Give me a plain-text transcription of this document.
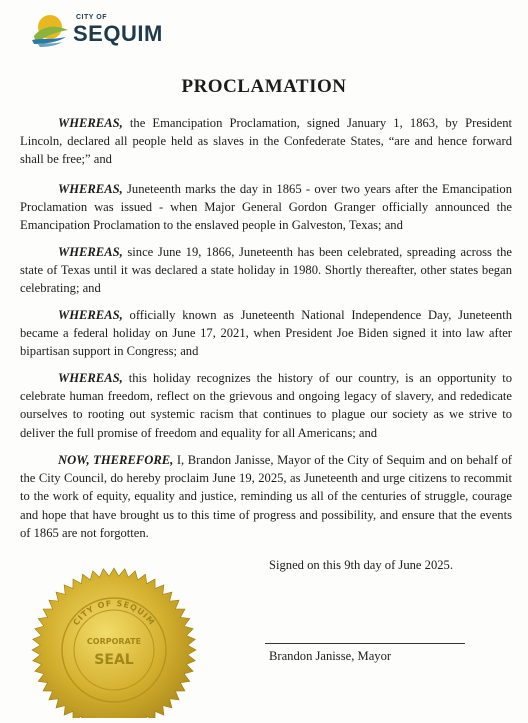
CITY OF
SEQUIM
PROCLAMATION

WHEREAS, the Emancipation Proclamation, signed January 1, 1863, by President Lincoln, declared all people held as slaves in the Confederate States, “are and hence forward shall be free;” and

WHEREAS, Juneteenth marks the day in 1865 - over two years after the Emancipation Proclamation was issued - when Major General Gordon Granger officially announced the Emancipation Proclamation to the enslaved people in Galveston, Texas; and

WHEREAS, since June 19, 1866, Juneteenth has been celebrated, spreading across the state of Texas until it was declared a state holiday in 1980. Shortly thereafter, other states began celebrating; and

WHEREAS, officially known as Juneteenth National Independence Day, Juneteenth became a federal holiday on June 17, 2021, when President Joe Biden signed it into law after bipartisan support in Congress; and

WHEREAS, this holiday recognizes the history of our country, is an opportunity to celebrate human freedom, reflect on the grievous and ongoing legacy of slavery, and rededicate ourselves to rooting out systemic racism that continues to plague our society as we strive to deliver the full promise of freedom and equality for all Americans; and

NOW, THEREFORE, I, Brandon Janisse, Mayor of the City of Sequim and on behalf of the City Council, do hereby proclaim June 19, 2025, as Juneteenth and urge citizens to recommit to the work of equity, equality and justice, reminding us all of the centuries of struggle, courage and hope that have brought us to this time of progress and possibility, and ensure that the events of 1865 are not forgotten.

Signed on this 9th day of June 2025.
Brandon Janisse, Mayor
CITY OF SEQUIM
CORPORATE
SEAL
